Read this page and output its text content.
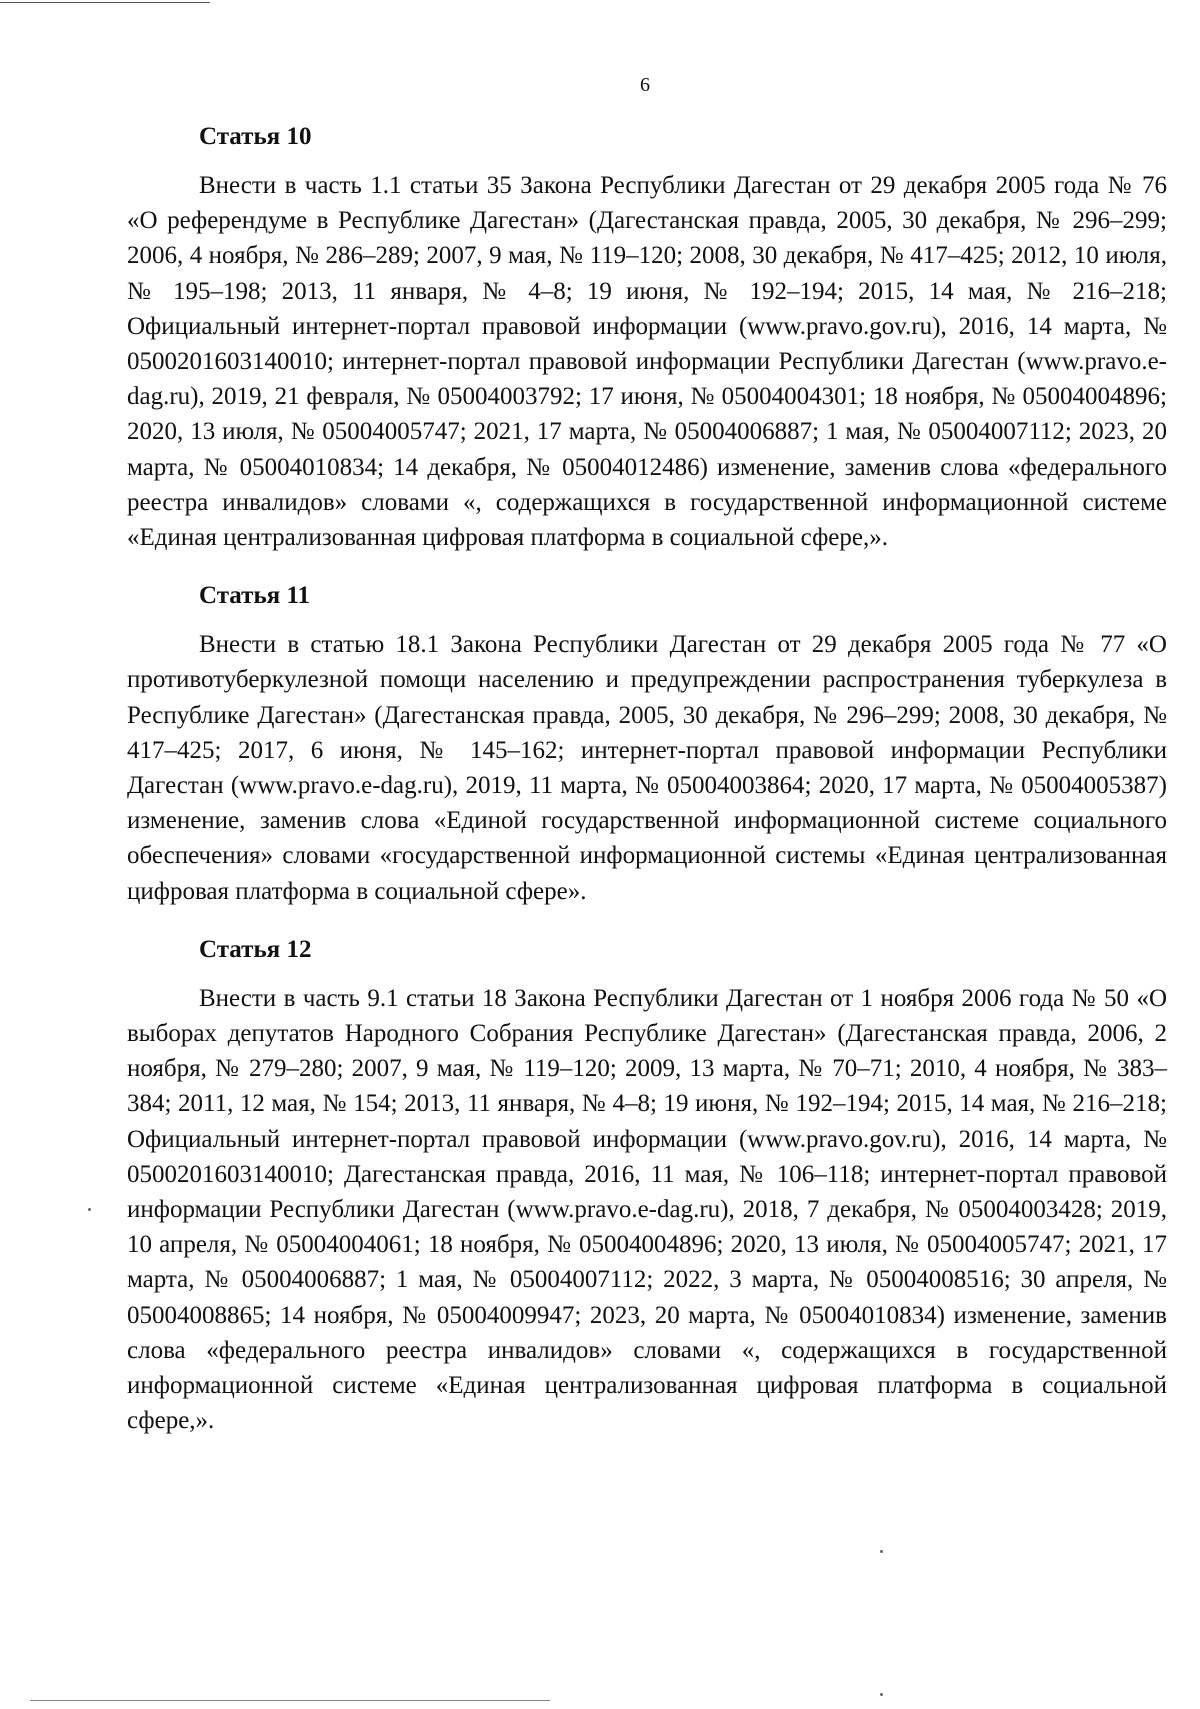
6
Статья 10

Внести в часть 1.1 статьи 35 Закона Республики Дагестан от 29 декабря 2005 года № 76 «О референдуме в Республике Дагестан» (Дагестанская правда, 2005, 30 декабря, № 296–299; 2006, 4 ноября, № 286–289; 2007, 9 мая, № 119–120; 2008, 30 декабря, № 417–425; 2012, 10 июля, № 195–198; 2013, 11 января, № 4–8; 19 июня, № 192–194; 2015, 14 мая, № 216–218; Официальный интернет-портал правовой информации (www.pravo.gov.ru), 2016, 14 марта, № 0500201603140010; интернет-портал правовой информации Республики Дагестан (www.pravo.e-dag.ru), 2019, 21 февраля, № 05004003792; 17 июня, № 05004004301; 18 ноября, № 05004004896; 2020, 13 июля, № 05004005747; 2021, 17 марта, № 05004006887; 1 мая, № 05004007112; 2023, 20 марта, № 05004010834; 14 декабря, № 05004012486) изменение, заменив слова «федерального реестра инвалидов» словами «, содержащихся в государственной информационной системе «Единая централизованная цифровая платформа в социальной сфере,».

Статья 11

Внести в статью 18.1 Закона Республики Дагестан от 29 декабря 2005 года № 77 «О противотуберкулезной помощи населению и предупреждении распространения туберкулеза в Республике Дагестан» (Дагестанская правда, 2005, 30 декабря, № 296–299; 2008, 30 декабря, № 417–425; 2017, 6 июня, № 145–162; интернет-портал правовой информации Республики Дагестан (www.pravo.e-dag.ru), 2019, 11 марта, № 05004003864; 2020, 17 марта, № 05004005387) изменение, заменив слова «Единой государственной информационной системе социального обеспечения» словами «государственной информационной системы «Единая централизованная цифровая платформа в социальной сфере».

Статья 12

Внести в часть 9.1 статьи 18 Закона Республики Дагестан от 1 ноября 2006 года № 50 «О выборах депутатов Народного Собрания Республике Дагестан» (Дагестанская правда, 2006, 2 ноября, № 279–280; 2007, 9 мая, № 119–120; 2009, 13 марта, № 70–71; 2010, 4 ноября, № 383–384; 2011, 12 мая, № 154; 2013, 11 января, № 4–8; 19 июня, № 192–194; 2015, 14 мая, № 216–218; Официальный интернет-портал правовой информации (www.pravo.gov.ru), 2016, 14 марта, № 0500201603140010; Дагестанская правда, 2016, 11 мая, № 106–118; интернет-портал правовой информации Республики Дагестан (www.pravo.e-dag.ru), 2018, 7 декабря, № 05004003428; 2019, 10 апреля, № 05004004061; 18 ноября, № 05004004896; 2020, 13 июля, № 05004005747; 2021, 17 марта, № 05004006887; 1 мая, № 05004007112; 2022, 3 марта, № 05004008516; 30 апреля, № 05004008865; 14 ноября, № 05004009947; 2023, 20 марта, № 05004010834) изменение, заменив слова «федерального реестра инвалидов» словами «, содержащихся в государственной информационной системе «Единая централизованная цифровая платформа в социальной сфере,».
